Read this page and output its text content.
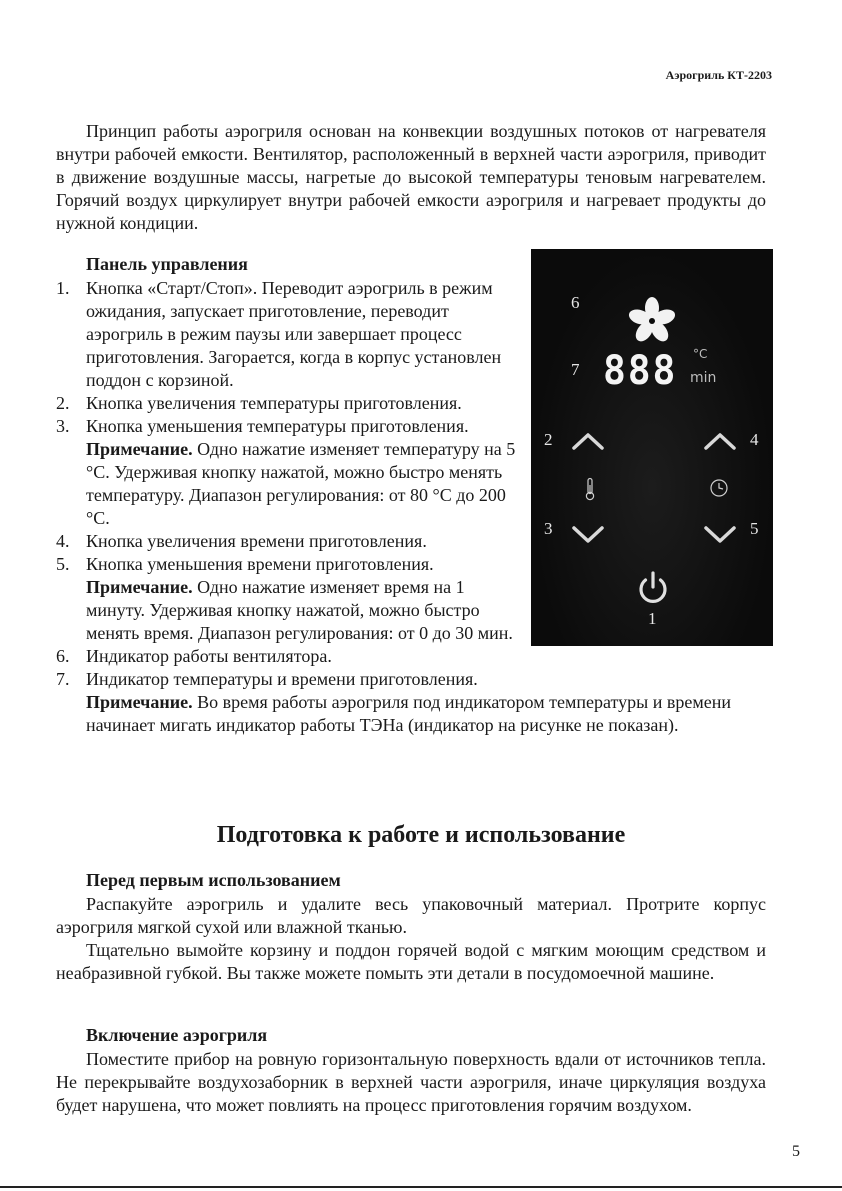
Аэрогриль КТ-2203

Принцип работы аэрогриля основан на конвекции воздушных потоков от нагревателя внутри рабочей емкости. Вентилятор, расположенный в верхней части аэрогриля, приводит в движение воздушные массы, нагретые до высокой температуры теновым нагревателем. Горячий воздух циркулирует внутри рабочей емкости аэрогриля и нагревает продукты до нужной кондиции.

Панель управления

1. Кнопка «Старт/Стоп». Переводит аэрогриль в режим ожидания, запускает приготовление, переводит аэрогриль в режим паузы или завершает процесс приготовления. Загорается, когда в корпус установлен поддон с корзиной.
2. Кнопка увеличения температуры приготовления.
3. Кнопка уменьшения температуры приготовления.
Примечание. Одно нажатие изменяет температуру на 5 °С. Удерживая кнопку нажатой, можно быстро менять температуру. Диапазон регулирования: от 80 °С до 200 °С.
4. Кнопка увеличения времени приготовления.
5. Кнопка уменьшения времени приготовления.
Примечание. Одно нажатие изменяет время на 1 минуту. Удерживая кнопку нажатой, можно быстро менять время. Диапазон регулирования: от 0 до 30 мин.
6. Индикатор работы вентилятора.
7. Индикатор температуры и времени приготовления.
Примечание. Во время работы аэрогриля под индикатором температуры и времени начинает мигать индикатор работы ТЭНа (индикатор на рисунке не показан).
6
7 888 °C
min
2	4
3	5
1
Подготовка к работе и использование

Перед первым использованием

Распакуйте аэрогриль и удалите весь упаковочный материал. Протрите корпус аэрогриля мягкой сухой или влажной тканью.

Тщательно вымойте корзину и поддон горячей водой с мягким моющим средством и неабразивной губкой. Вы также можете помыть эти детали в посудомоечной машине.

Включение аэрогриля

Поместите прибор на ровную горизонтальную поверхность вдали от источников тепла. Не перекрывайте воздухозаборник в верхней части аэрогриля, иначе циркуляция воздуха будет нарушена, что может повлиять на процесс приготовления горячим воздухом.

5
